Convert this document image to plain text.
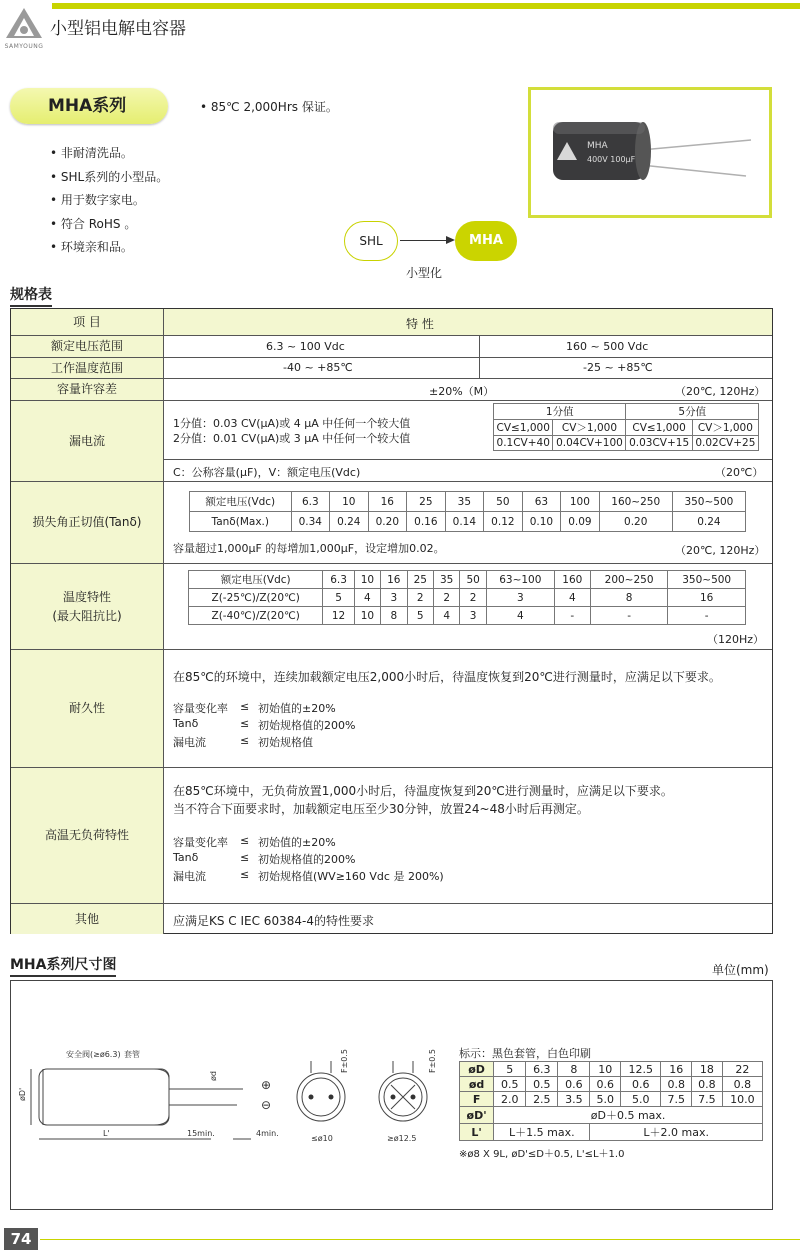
SAMYOUNG
小型铝电解电容器
MHA系列	• 85℃ 2,000Hrs 保证。
• 非耐清洗品。
• SHL系列的小型品。
• 用于数字家电。
• 符合 RoHS 。
• 环境亲和品。
MHA
400V 100μF
SHL	MHA
小型化
规格表
项 目	特 性
额定电压范围	6.3 ~ 100 Vdc	160 ~ 500 Vdc
工作温度范围	-40 ~ +85℃	-25 ~ +85℃
容量许容差	±20%（M）	（20℃, 120Hz）
漏电流
1分值：0.03 CV(μA)或 4 μA 中任何一个较大值
2分值：0.01 CV(μA)或 3 μA 中任何一个较大值
1分值		5分值	
CV≤1,000	CV＞1,000	CV≤1,000	CV＞1,000
0.1CV+40	0.04CV+100	0.03CV+15	0.02CV+25
C：公称容量(μF)，V：额定电压(Vdc)	（20℃）
损失角正切值(Tanδ)
额定电压(Vdc)	6.3	10	16	25	35	50	63	100	160~250	350~500
Tanδ(Max.)	0.34	0.24	0.20	0.16	0.14	0.12	0.10	0.09	0.20	0.24
容量超过1,000μF 的每增加1,000μF，设定增加0.02。	（20℃, 120Hz）
温度特性
(最大阻抗比)
额定电压(Vdc)	6.3	10	16	25	35	50	63~100	160	200~250	350~500
Z(-25℃)/Z(20℃)	5	4	3	2	2	2	3	4	8	16
Z(-40℃)/Z(20℃)	12	10	8	5	4	3	4	-	-	-
（120Hz）
耐久性
在85℃的环境中，连续加载额定电压2,000小时后，待温度恢复到20℃进行测量时，应满足以下要求。
容量变化率 ≤ 初始值的±20%
Tanδ	≤ 初始规格值的200%
漏电流	≤ 初始规格值
高温无负荷特性
在85℃环境中，无负荷放置1,000小时后，待温度恢复到20℃进行测量时，应满足以下要求。
当不符合下面要求时，加载额定电压至少30分钟，放置24~48小时后再测定。
容量变化率 ≤ 初始值的±20%
Tanδ	≤ 初始规格值的200%
漏电流	≤ 初始规格值(WV≥160 Vdc 是 200%)
其他	应满足KS C IEC 60384-4的特性要求
MHA系列尺寸图	单位(mm)
安全阀(≥ø6.3) 套管
øD'
ød
L'	15min.	4min.
⊕
⊖
F±0.5
≤ø10
F±0.5
≥ø12.5
标示：黑色套管，白色印刷
øD	5	6.3	8	10	12.5	16	18	22
ød	0.5	0.5	0.6	0.6	0.6	0.8	0.8	0.8
F	2.0	2.5	3.5	5.0	5.0	7.5	7.5	10.0
øD'	øD＋0.5 max.							
L'	L＋1.5 max.			L＋2.0 max.				
※ø8 X 9L, øD'≤D＋0.5, L'≤L＋1.0
74
